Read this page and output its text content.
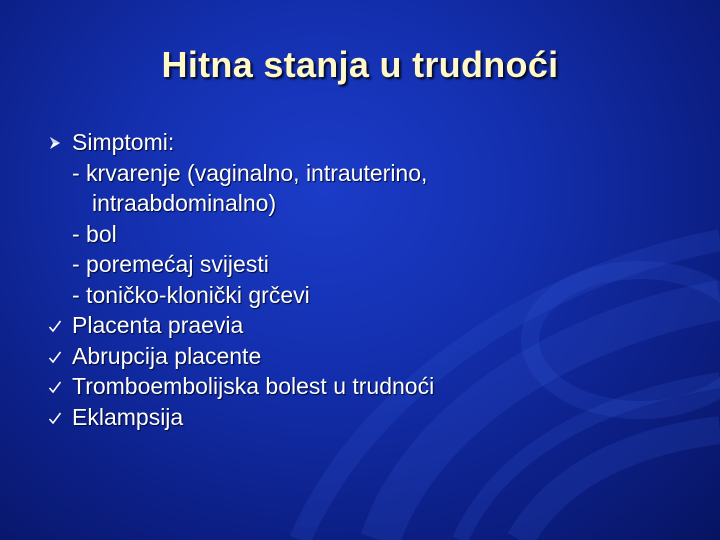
Hitna stanja u trudnoći
Simptomi:
- krvarenje (vaginalno, intrauterino,
intraabdominalno)
- bol
- poremećaj svijesti
- toničko-klonički grčevi
Placenta praevia
Abrupcija placente
Tromboembolijska bolest u trudnoći
Eklampsija
